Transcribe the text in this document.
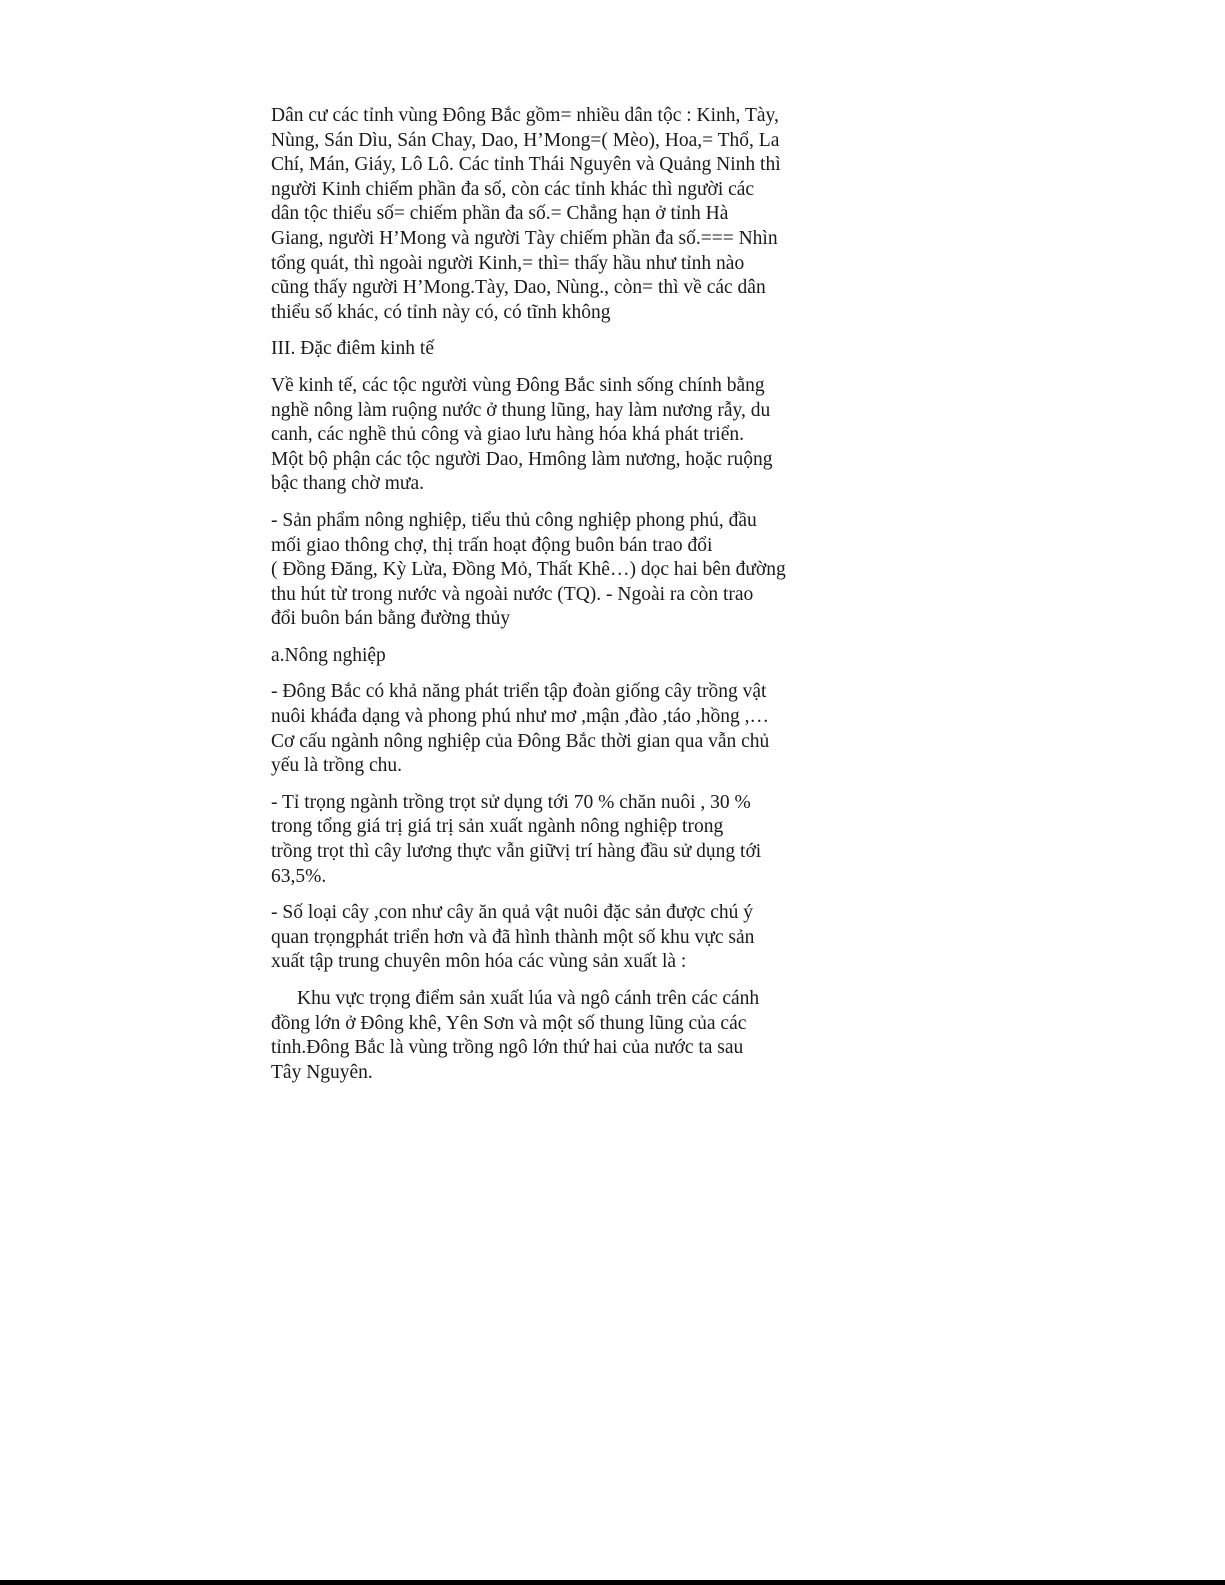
Dân cư các tỉnh vùng Đông Bắc gồm= nhiều dân tộc : Kinh, Tày,
Nùng, Sán Dìu, Sán Chay, Dao, H’Mong=( Mèo), Hoa,= Thổ, La
Chí, Mán, Giáy, Lô Lô. Các tỉnh Thái Nguyên và Quảng Ninh thì
người Kinh chiếm phần đa số, còn các tỉnh khác thì người các
dân tộc thiểu số= chiếm phần đa số.= Chẳng hạn ở tỉnh Hà
Giang, người H’Mong và người Tày chiếm phần đa số.=== Nhìn
tổng quát, thì ngoài người Kinh,= thì= thấy hầu như tỉnh nào
cũng thấy người H’Mong.Tày, Dao, Nùng., còn= thì về các dân
thiểu số khác, có tỉnh này có, có tĩnh không
III. Đặc điêm kinh tế
Về kinh tế, các tộc người vùng Đông Bắc sinh sống chính bằng
nghề nông làm ruộng nước ở thung lũng, hay làm nương rẫy, du
canh, các nghề thủ công và giao lưu hàng hóa khá phát triển.
Một bộ phận các tộc người Dao, Hmông làm nương, hoặc ruộng
bậc thang chờ mưa.
- Sản phẩm nông nghiệp, tiểu thủ công nghiệp phong phú, đầu
mối giao thông chợ, thị trấn hoạt động buôn bán trao đổi
( Đồng Đăng, Kỳ Lừa, Đồng Mỏ, Thất Khê…) dọc hai bên đường
thu hút từ trong nước và ngoài nước (TQ). - Ngoài ra còn trao
đổi buôn bán bằng đường thủy
a.Nông nghiệp
- Đông Bắc có khả năng phát triển tập đoàn giống cây trồng vật
nuôi kháđa dạng và phong phú như mơ ,mận ,đào ,táo ,hồng ,…
Cơ cấu ngành nông nghiệp của Đông Bắc thời gian qua vẫn chủ
yếu là trồng chu.
- Tỉ trọng ngành trồng trọt sử dụng tới 70 % chăn nuôi , 30 %
trong tổng giá trị giá trị sản xuất ngành nông nghiệp trong
trồng trọt thì cây lương thực vẫn giữvị trí hàng đầu sử dụng tới
63,5%.
- Số loại cây ,con như cây ăn quả vật nuôi đặc sản được chú ý
quan trọngphát triển hơn và đã hình thành một số khu vực sản
xuất tập trung chuyên môn hóa các vùng sản xuất là :
Khu vực trọng điểm sản xuất lúa và ngô cánh trên các cánh
đồng lớn ở Đông khê, Yên Sơn và một số thung lũng của các
tỉnh.Đông Bắc là vùng trồng ngô lớn thứ hai của nước ta sau
Tây Nguyên.
